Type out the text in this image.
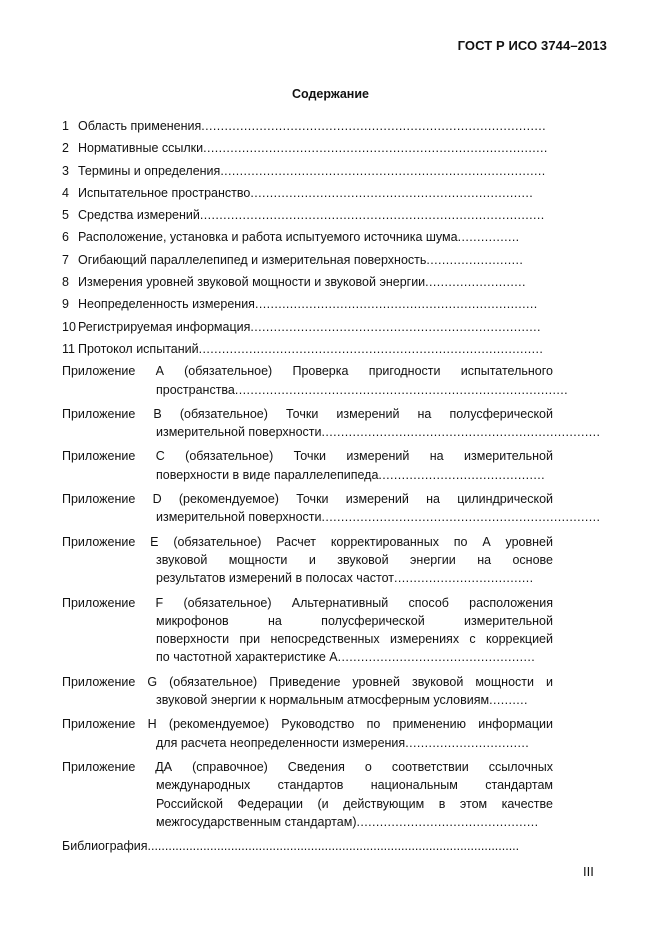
ГОСТ Р ИСО 3744–2013
Содержание
1 Область применения.........................................................................................
2 Нормативные ссылки.........................................................................................
3 Термины и определения....................................................................................
4 Испытательное пространство.........................................................................
5 Средства измерений.........................................................................................
6 Расположение, установка и работа испытуемого источника шума................
7 Огибающий параллелепипед и измерительная поверхность.........................
8 Измерения уровней звуковой мощности и звуковой энергии..........................
9 Неопределенность измерения.........................................................................
10 Регистрируемая информация...........................................................................
11 Протокол испытаний.........................................................................................
Приложение А (обязательное) Проверка пригодности испытательного
пространства......................................................................................
Приложение В (обязательное) Точки измерений на полусферической
измерительной поверхности........................................................................
Приложение С (обязательное) Точки измерений на измерительной
поверхности в виде параллелепипеда...........................................
Приложение D (рекомендуемое) Точки измерений на цилиндрической
измерительной поверхности........................................................................
Приложение Е (обязательное) Расчет корректированных по А уровней
звуковой мощности и звуковой энергии на основе
результатов измерений в полосах частот....................................
Приложение F (обязательное) Альтернативный способ расположения
микрофонов на полусферической измерительной
поверхности при непосредственных измерениях с коррекцией
по частотной характеристике А...................................................
Приложение G (обязательное) Приведение уровней звуковой мощности и
звуковой энергии к нормальным атмосферным условиям..........
Приложение Н (рекомендуемое) Руководство по применению информации
для расчета неопределенности измерения................................
Приложение ДА (справочное) Сведения о соответствии ссылочных
международных стандартов национальным стандартам
Российской Федерации (и действующим в этом качестве
межгосударственным стандартам)...............................................
Библиография...........................................................................................................
III
